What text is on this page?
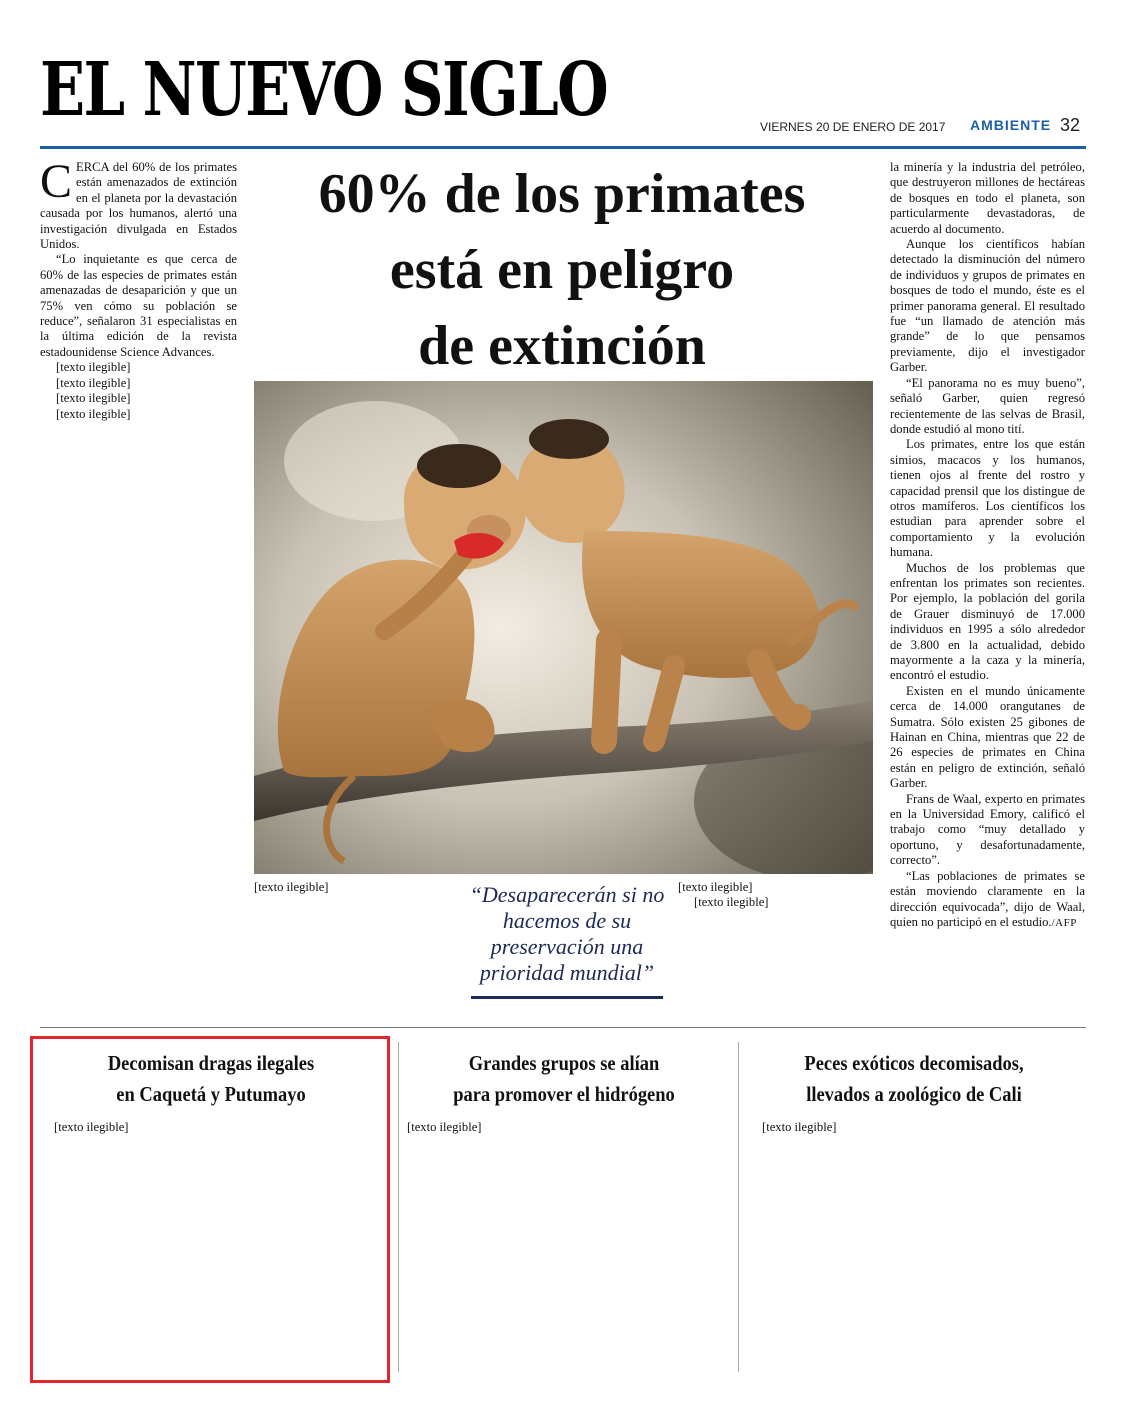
EL NUEVO SIGLO	VIERNES 20 DE ENERO DE 2017 AMBIENTE 32
60% de los primates
está en peligro
de extinción

CERCA del 60% de los primates están amenazados de extinción en el planeta por la devastación causada por los humanos, alertó una investigación divulgada en Estados Unidos.

“Lo inquietante es que cerca de 60% de las especies de primates están amenazadas de desaparición y que un 75% ven cómo su población se reduce”, señalaron 31 especialistas en la última edición de la revista estadounidense Science Advances.

[texto ilegible]

[texto ilegible]

[texto ilegible]

[texto ilegible]

[texto ilegible]	[texto ilegible]

[texto ilegible]

“Desaparecerán si no hacemos de su preservación una prioridad mundial”

la minería y la industria del petróleo, que destruyeron millones de hectáreas de bosques en todo el planeta, son particularmente devastadoras, de acuerdo al documento.

Aunque los científicos habían detectado la disminución del número de individuos y grupos de primates en bosques de todo el mundo, éste es el primer panorama general. El resultado fue “un llamado de atención más grande” de lo que pensamos previamente, dijo el investigador Garber.

“El panorama no es muy bueno”, señaló Garber, quien regresó recientemente de las selvas de Brasil, donde estudió al mono tití.

Los primates, entre los que están simios, macacos y los humanos, tienen ojos al frente del rostro y capacidad prensil que los distingue de otros mamíferos. Los científicos los estudian para aprender sobre el comportamiento y la evolución humana.

Muchos de los problemas que enfrentan los primates son recientes. Por ejemplo, la población del gorila de Grauer disminuyó de 17.000 individuos en 1995 a sólo alrededor de 3.800 en la actualidad, debido mayormente a la caza y la minería, encontró el estudio.

Existen en el mundo únicamente cerca de 14.000 orangutanes de Sumatra. Sólo existen 25 gibones de Hainan en China, mientras que 22 de 26 especies de primates en China están en peligro de extinción, señaló Garber.

Frans de Waal, experto en primates en la Universidad Emory, calificó el trabajo como “muy detallado y oportuno, y desafortunadamente, correcto”.

“Las poblaciones de primates se están moviendo claramente en la dirección equivocada”, dijo de Waal, quien no participó en el estudio./AFP

Decomisan dragas ilegales
en Caquetá y Putumayo
[texto ilegible]
Grandes grupos se alían
para promover el hidrógeno
[texto ilegible]
Peces exóticos decomisados,
llevados a zoológico de Cali
[texto ilegible]
